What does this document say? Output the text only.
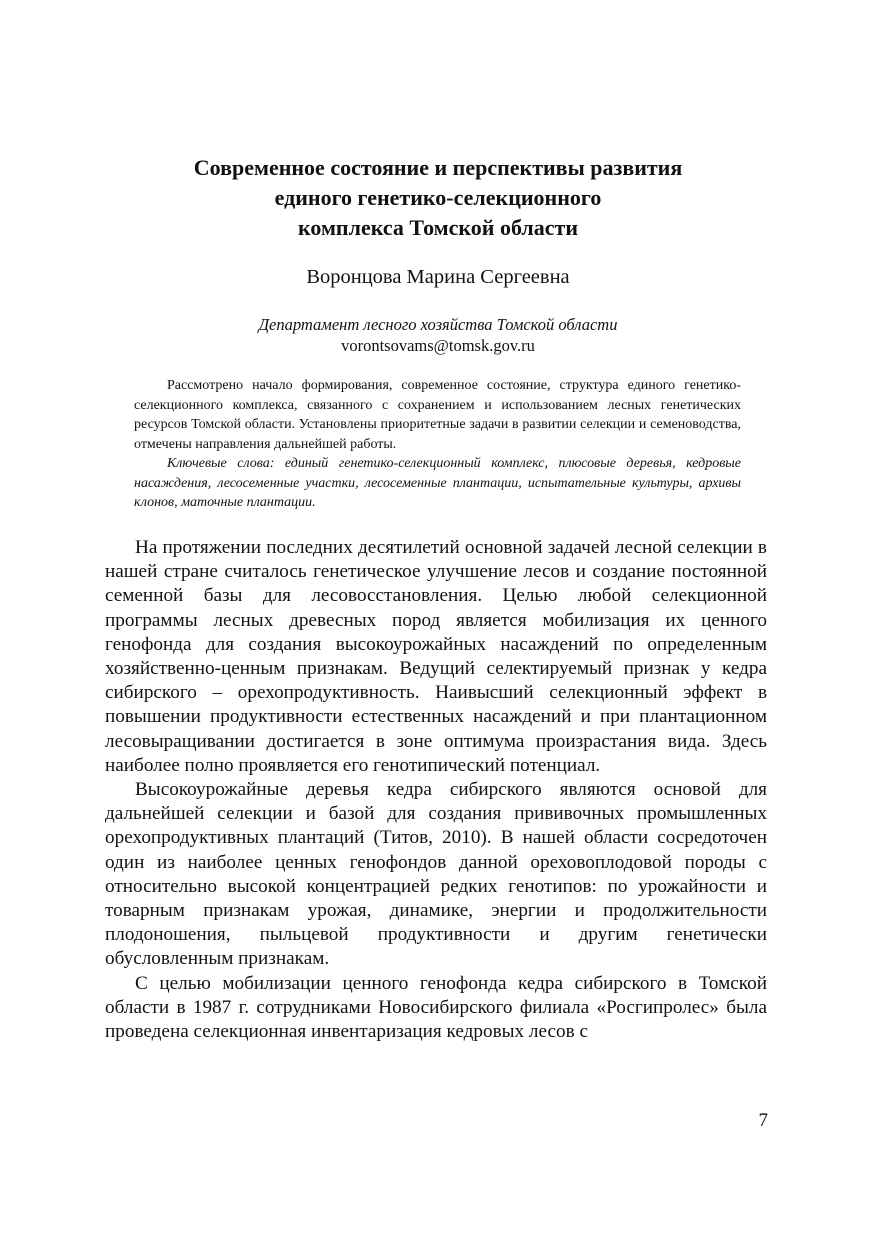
Современное состояние и перспективы развития
единого генетико-селекционного
комплекса Томской области
Воронцова Марина Сергеевна
Департамент лесного хозяйства Томской области
vorontsovams@tomsk.gov.ru

Рассмотрено начало формирования, современное состояние, структура единого генетико-селекционного комплекса, связанного с сохранением и использованием лесных генетических ресурсов Томской области. Установлены приоритетные задачи в развитии селекции и семеноводства, отмечены направления дальнейшей работы.

Ключевые слова: единый генетико-селекционный комплекс, плюсовые деревья, кедровые насаждения, лесосеменные участки, лесосеменные плантации, испытательные культуры, архивы клонов, маточные плантации.

На протяжении последних десятилетий основной задачей лесной селекции в нашей стране считалось генетическое улучшение лесов и создание постоянной семенной базы для лесовосстановления. Целью любой селекционной программы лесных древесных пород является мобилизация их ценного генофонда для создания высокоурожайных насаждений по определенным хозяйственно-ценным признакам. Ведущий селектируемый признак у кедра сибирского – орехопродуктивность. Наивысший селекционный эффект в повышении продуктивности естественных насаждений и при плантационном лесовыращивании достигается в зоне оптимума произрастания вида. Здесь наиболее полно проявляется его генотипический потенциал.

Высокоурожайные деревья кедра сибирского являются основой для дальнейшей селекции и базой для создания прививочных промышленных орехопродуктивных плантаций (Титов, 2010). В нашей области сосредоточен один из наиболее ценных генофондов данной ореховоплодовой породы с относительно высокой концентрацией редких генотипов: по урожайности и товарным признакам урожая, динамике, энергии и продолжительности плодоношения, пыльцевой продуктивности и другим генетически обусловленным признакам.

С целью мобилизации ценного генофонда кедра сибирского в Томской области в 1987 г. сотрудниками Новосибирского филиала «Росгипролес» была проведена селекционная инвентаризация кедровых лесов с

7
